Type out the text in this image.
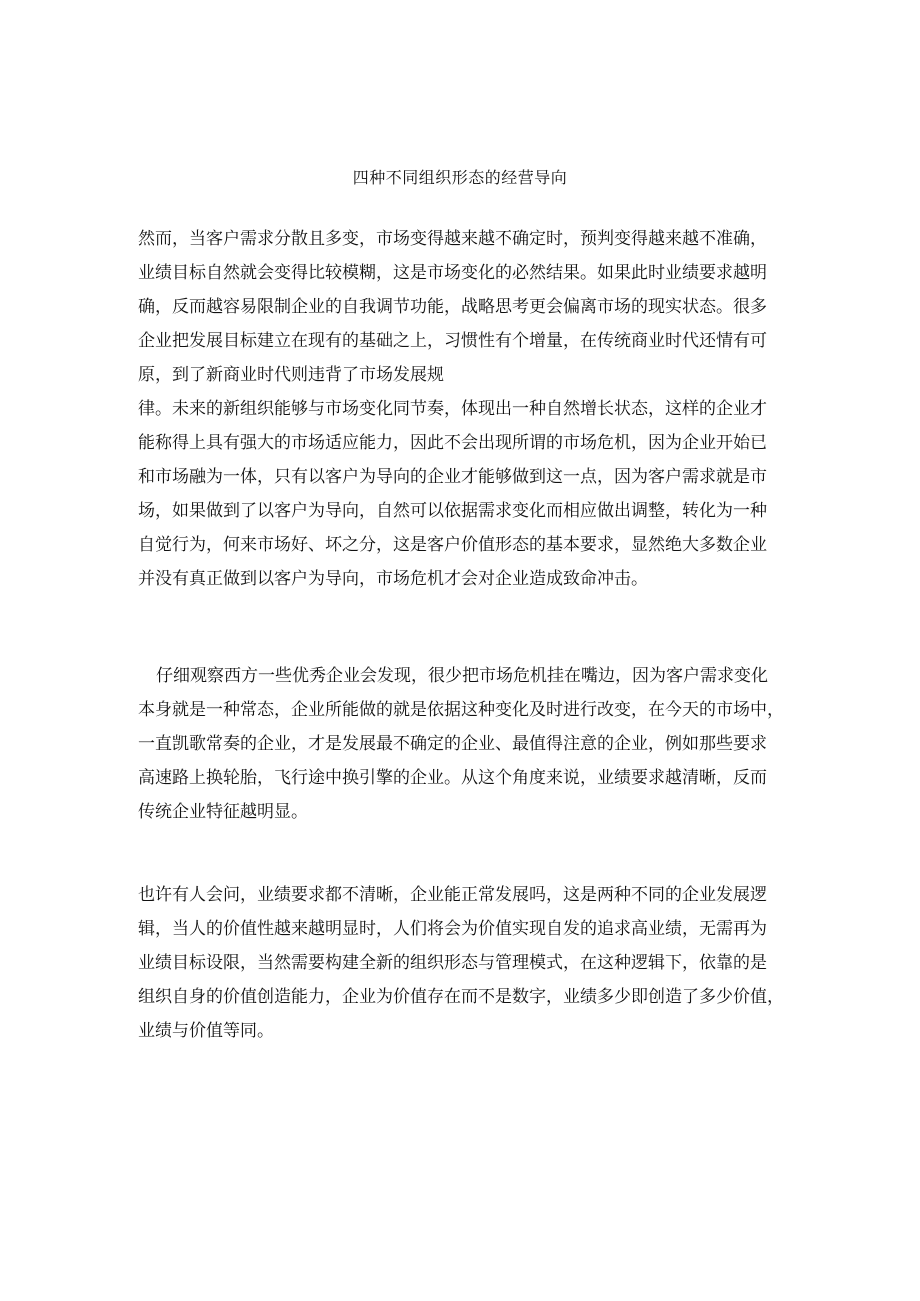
四种不同组织形态的经营导向
然而，当客户需求分散且多变，市场变得越来越不确定时，预判变得越来越不准确，
业绩目标自然就会变得比较模糊，这是市场变化的必然结果。如果此时业绩要求越明
确，反而越容易限制企业的自我调节功能，战略思考更会偏离市场的现实状态。很多
企业把发展目标建立在现有的基础之上，习惯性有个增量，在传统商业时代还情有可
原，到了新商业时代则违背了市场发展规
律。未来的新组织能够与市场变化同节奏，体现出一种自然增长状态，这样的企业才
能称得上具有强大的市场适应能力，因此不会出现所谓的市场危机，因为企业开始已
和市场融为一体，只有以客户为导向的企业才能够做到这一点，因为客户需求就是市
场，如果做到了以客户为导向，自然可以依据需求变化而相应做出调整，转化为一种
自觉行为，何来市场好、坏之分，这是客户价值形态的基本要求，显然绝大多数企业
并没有真正做到以客户为导向，市场危机才会对企业造成致命冲击。
仔细观察西方一些优秀企业会发现，很少把市场危机挂在嘴边，因为客户需求变化
本身就是一种常态，企业所能做的就是依据这种变化及时进行改变，在今天的市场中，
一直凯歌常奏的企业，才是发展最不确定的企业、最值得注意的企业，例如那些要求
高速路上换轮胎，飞行途中换引擎的企业。从这个角度来说，业绩要求越清晰，反而
传统企业特征越明显。
也许有人会问，业绩要求都不清晰，企业能正常发展吗，这是两种不同的企业发展逻
辑，当人的价值性越来越明显时，人们将会为价值实现自发的追求高业绩，无需再为
业绩目标设限，当然需要构建全新的组织形态与管理模式，在这种逻辑下，依靠的是
组织自身的价值创造能力，企业为价值存在而不是数字，业绩多少即创造了多少价值，
业绩与价值等同。
